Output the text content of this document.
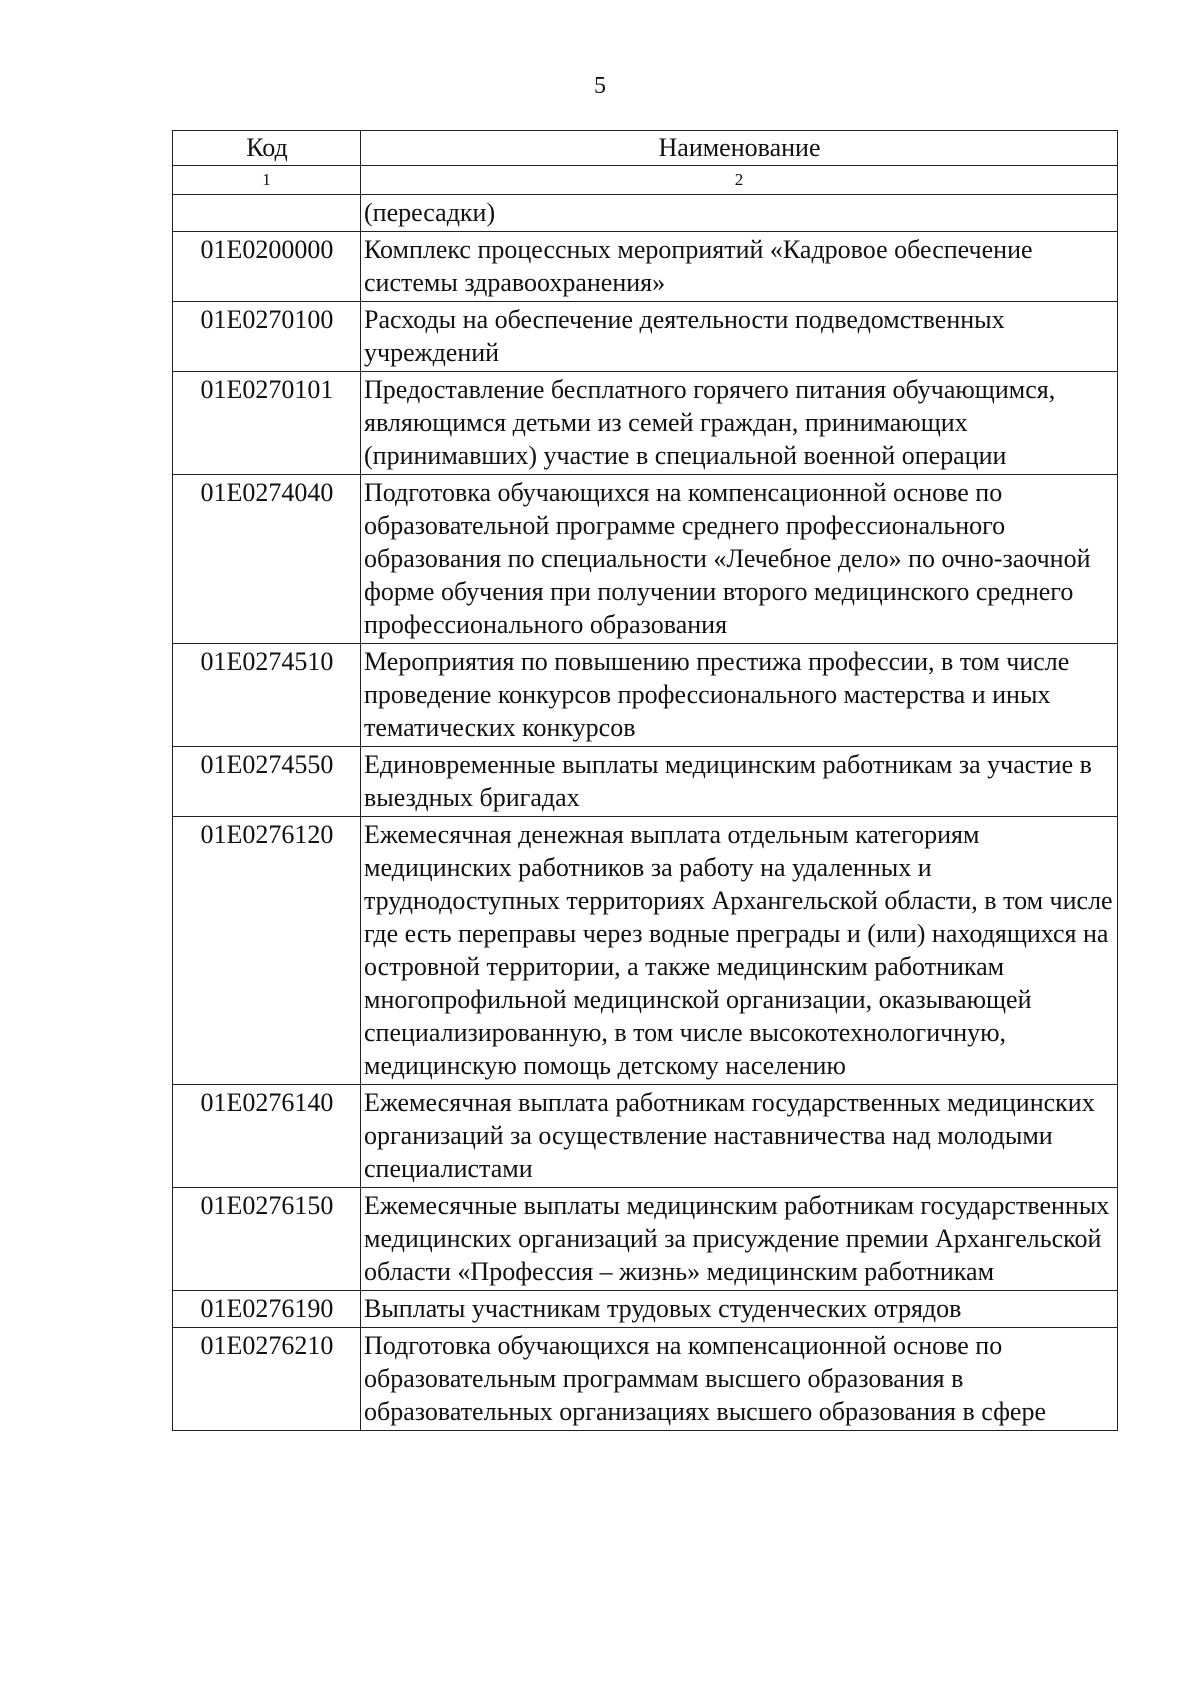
5
Код	Наименование
1	2
	(пересадки)
01Е0200000	Комплекс процессных мероприятий «Кадровое обеспечение системы здравоохранения»
01Е0270100	Расходы на обеспечение деятельности подведомственных учреждений
01Е0270101	Предоставление бесплатного горячего питания обучающимся, являющимся детьми из семей граждан, принимающих (принимавших) участие в специальной военной операции
01Е0274040	Подготовка обучающихся на компенсационной основе по образовательной программе среднего профессионального образования по специальности «Лечебное дело» по очно-заочной форме обучения при получении второго медицинского среднего профессионального образования
01Е0274510	Мероприятия по повышению престижа профессии, в том числе проведение конкурсов профессионального мастерства и иных тематических конкурсов
01Е0274550	Единовременные выплаты медицинским работникам за участие в выездных бригадах
01Е0276120	Ежемесячная денежная выплата отдельным категориям медицинских работников за работу на удаленных и труднодоступных территориях Архангельской области, в том числе где есть переправы через водные преграды и (или) находящихся на островной территории, а также медицинским работникам многопрофильной медицинской организации, оказывающей специализированную, в том числе высокотехнологичную, медицинскую помощь детскому населению
01Е0276140	Ежемесячная выплата работникам государственных медицинских организаций за осуществление наставничества над молодыми специалистами
01Е0276150	Ежемесячные выплаты медицинским работникам государственных медицинских организаций за присуждение премии Архангельской области «Профессия – жизнь» медицинским работникам
01Е0276190	Выплаты участникам трудовых студенческих отрядов
01Е0276210	Подготовка обучающихся на компенсационной основе по образовательным программам высшего образования в образовательных организациях высшего образования в сфере
